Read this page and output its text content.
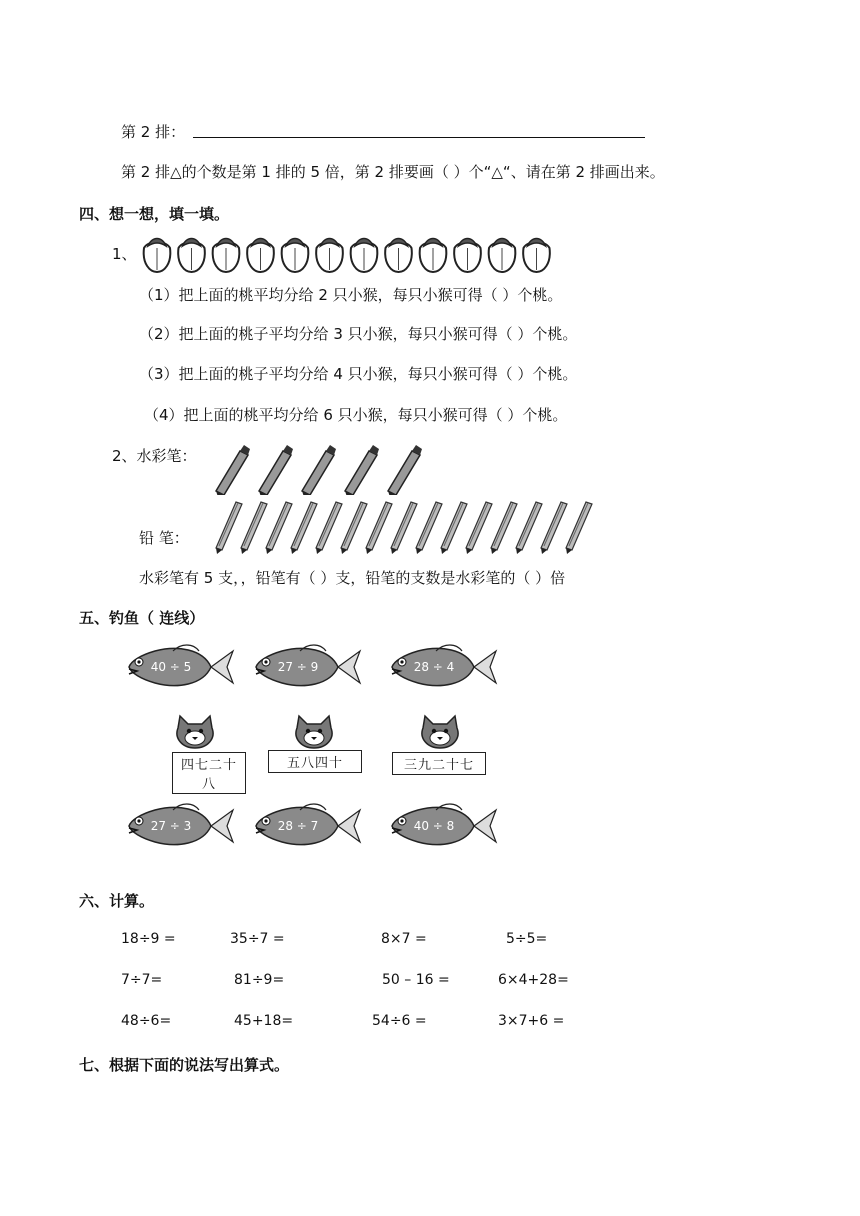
第 2 排：
第 2 排△的个数是第 1 排的 5 倍，第 2 排要画（ ）个“△“、请在第 2 排画出来。
四、想一想，填一填。
1、
（1）把上面的桃平均分给 2 只小猴，每只小猴可得（ ）个桃。
（2）把上面的桃子平均分给 3 只小猴，每只小猴可得（ ）个桃。
（3）把上面的桃子平均分给 4 只小猴，每只小猴可得（ ）个桃。
（4）把上面的桃平均分给 6 只小猴，每只小猴可得（ ）个桃。
2、水彩笔：
铅 笔：
水彩笔有 5 支，，铅笔有（ ）支，铅笔的支数是水彩笔的（ ）倍
五、钓鱼（ 连线）
40 ÷ 5	27 ÷ 9	28 ÷ 4
四七二十八
五八四十	三九二十七
27 ÷ 3	28 ÷ 7	40 ÷ 8
六、计算。
18÷9 =	35÷7 =	8×7 =	5÷5=
7÷7=	81÷9=	50 – 16 =	6×4+28=
48÷6=	45+18=	54÷6 =	3×7+6 =
七、根据下面的说法写出算式。
